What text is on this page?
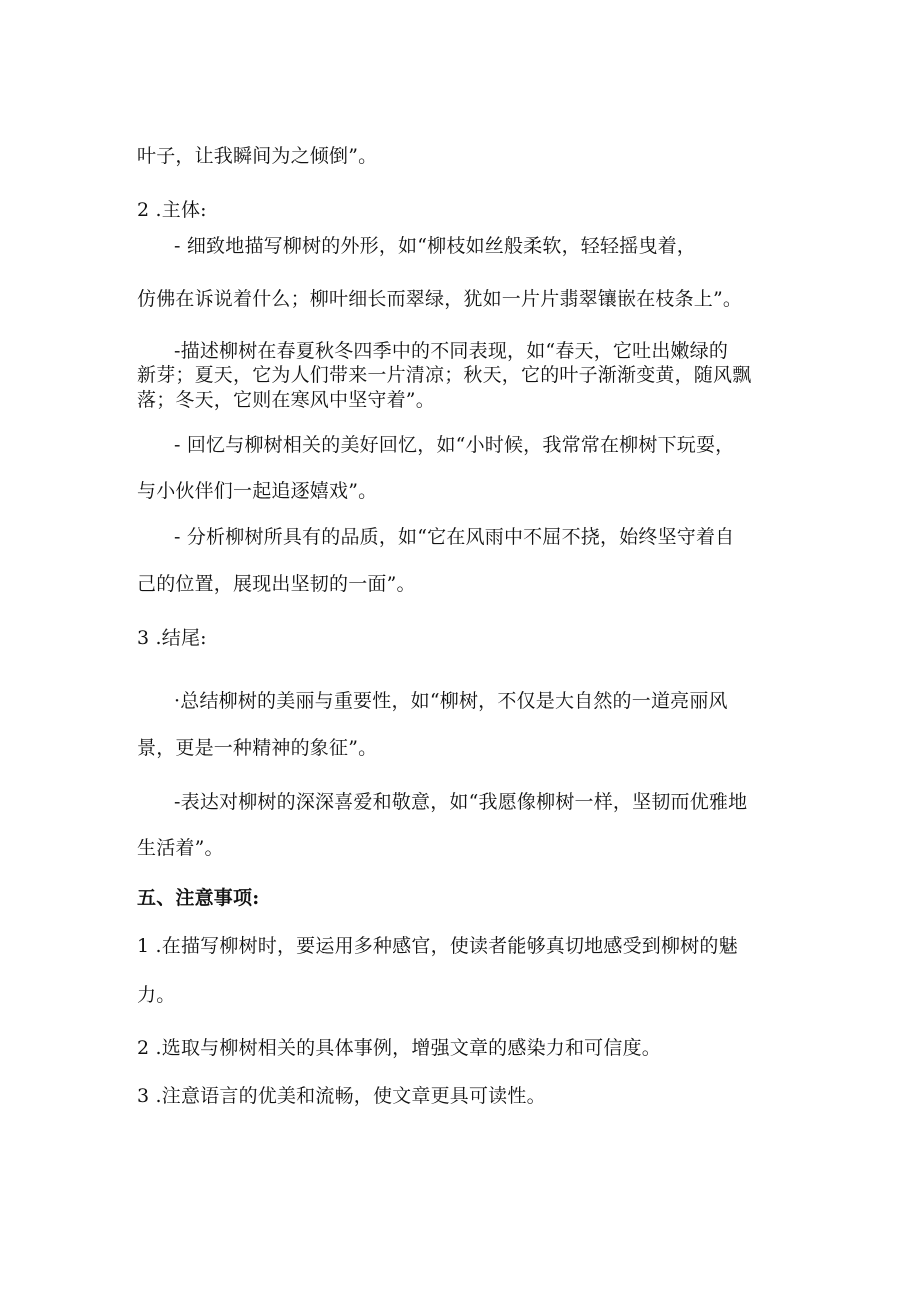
叶子，让我瞬间为之倾倒”。
2 .主体:
- 细致地描写柳树的外形，如“柳枝如丝般柔软，轻轻摇曳着，
仿佛在诉说着什么；柳叶细长而翠绿，犹如一片片翡翠镶嵌在枝条上”。
-描述柳树在春夏秋冬四季中的不同表现，如“春天，它吐出嫩绿的
新芽；夏天，它为人们带来一片清凉；秋天，它的叶子渐渐变黄，随风飘
落；冬天，它则在寒风中坚守着”。
- 回忆与柳树相关的美好回忆，如“小时候，我常常在柳树下玩耍，
与小伙伴们一起追逐嬉戏”。
- 分析柳树所具有的品质，如“它在风雨中不屈不挠，始终坚守着自
己的位置，展现出坚韧的一面”。
3 .结尾:
·总结柳树的美丽与重要性，如“柳树，不仅是大自然的一道亮丽风
景，更是一种精神的象征”。
-表达对柳树的深深喜爱和敬意，如“我愿像柳树一样，坚韧而优雅地
生活着”。
五、注意事项:
1 .在描写柳树时，要运用多种感官，使读者能够真切地感受到柳树的魅
力。
2 .选取与柳树相关的具体事例，增强文章的感染力和可信度。
3 .注意语言的优美和流畅，使文章更具可读性。
